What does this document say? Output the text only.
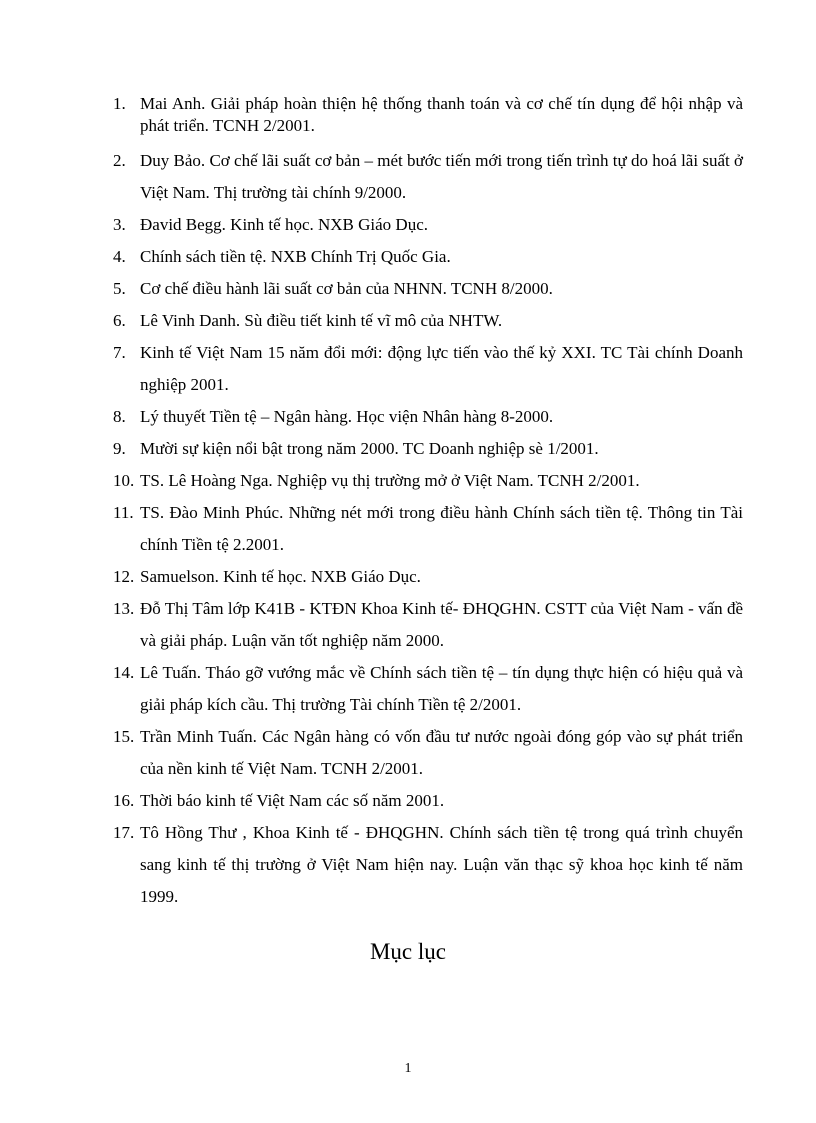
1. Mai Anh. Giải pháp hoàn thiện hệ thống thanh toán và cơ chế tín dụng để hội nhập và phát triển. TCNH 2/2001.
2. Duy Bảo. Cơ chế lãi suất cơ bản – mét bước tiến mới trong tiến trình tự do hoá lãi suất ở Việt Nam. Thị trường tài chính 9/2000.
3. Đavid Begg. Kinh tế học. NXB Giáo Dục.
4. Chính sách tiền tệ. NXB Chính Trị Quốc Gia.
5. Cơ chế điều hành lãi suất cơ bản của NHNN. TCNH 8/2000.
6. Lê Vinh Danh. Sù điều tiết kinh tế vĩ mô của NHTW.
7. Kinh tế Việt Nam 15 năm đổi mới: động lực tiến vào thế kỷ XXI. TC Tài chính Doanh nghiệp 2001.
8. Lý thuyết Tiền tệ – Ngân hàng. Học viện Nhân hàng 8-2000.
9. Mười sự kiện nổi bật trong năm 2000. TC Doanh nghiệp sè 1/2001.
10. TS. Lê Hoàng Nga. Nghiệp vụ thị trường mở ở Việt Nam. TCNH 2/2001.
11. TS. Đào Minh Phúc. Những nét mới trong điều hành Chính sách tiền tệ. Thông tin Tài chính Tiền tệ 2.2001.
12. Samuelson. Kinh tế học. NXB Giáo Dục.
13. Đỗ Thị Tâm lớp K41B - KTĐN Khoa Kinh tế- ĐHQGHN. CSTT của Việt Nam - vấn đề và giải pháp. Luận văn tốt nghiệp năm 2000.
14. Lê Tuấn. Tháo gỡ vướng mắc về Chính sách tiền tệ – tín dụng thực hiện có hiệu quả và giải pháp kích cầu. Thị trường Tài chính Tiền tệ 2/2001.
15. Trần Minh Tuấn. Các Ngân hàng có vốn đầu tư nước ngoài đóng góp vào sự phát triển của nền kinh tế Việt Nam. TCNH 2/2001.
16. Thời báo kinh tế Việt Nam các số năm 2001.
17. Tô Hồng Thư , Khoa Kinh tế - ĐHQGHN. Chính sách tiền tệ trong quá trình chuyển sang kinh tế thị trường ở Việt Nam hiện nay. Luận văn thạc sỹ khoa học kinh tế năm 1999.
Mục lục
1
